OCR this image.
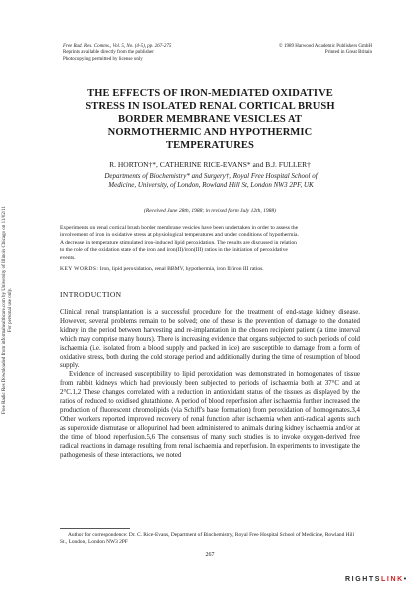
Free Rad. Res. Comms., Vol. 5, No. (4-5), pp. 267-275
Reprints available directly from the publisher
Photocopying permitted by license only
© 1989 Harwood Academic Publishers GmbH
Printed in Great Britain
THE EFFECTS OF IRON-MEDIATED OXIDATIVE
STRESS IN ISOLATED RENAL CORTICAL BRUSH
BORDER MEMBRANE VESICLES AT
NORMOTHERMIC AND HYPOTHERMIC
TEMPERATURES
R. HORTON†*, CATHERINE RICE-EVANS* and B.J. FULLER†
Departments of Biochemistry* and Surgery†, Royal Free Hospital School of
Medicine, University, of London, Rowland Hill St, London NW3 2PF, UK
(Received June 28th, 1988; in revised form July 12th, 1988)
Experiments on renal cortical brush border membrane vesicles have been undertaken in order to assess the
involvement of iron in oxidative stress at physiological temperatures and under conditions of hypothermia.
A decrease in temperature stimulated iron-induced lipid peroxidation. The results are discussed in relation
to the role of the oxidation state of the iron and iron(II)/iron(III) ratios in the initiation of peroxidative
events.
KEY WORDS: Iron, lipid peroxidation, renal BBMV, hypothermia, iron II/iron III ratios.
INTRODUCTION

Clinical renal transplantation is a successful procedure for the treatment of end-stage kidney disease. However, several problems remain to be solved; one of these is the prevention of damage to the donated kidney in the period between harvesting and re-implantation in the chosen recipient patient (a time interval which may comprise many hours). There is increasing evidence that organs subjected to such periods of cold ischaemia (i.e. isolated from a blood supply and packed in ice) are susceptible to damage from a form of oxidative stress, both during the cold storage period and additionally during the time of resumption of blood supply.

Evidence of increased susceptibility to lipid peroxidation was demonstrated in homogenates of tissue from rabbit kidneys which had previously been subjected to periods of ischaemia both at 37°C and at 2°C.1,2 These changes correlated with a reduction in antioxidant status of the tissues as displayed by the ratios of reduced to oxidised glutathione. A period of blood reperfusion after ischaemia further increased the production of fluorescent chromolipids (via Schiff's base formation) from peroxidation of homogenates.3,4 Other workers reported improved recovery of renal function after ischaemia when anti-radical agents such as superoxide dismutase or allopurinol had been administered to animals during kidney ischaemia and/or at the time of blood reperfusion.5,6 The consensus of many such studies is to invoke oxygen-derived free radical reactions in damage resulting from renal ischaemia and reperfusion. In experiments to investigate the pathogenesis of these interactions, we noted

Author for correspondence: Dr. C. Rice-Evans, Department of Biochemistry, Royal Free Hospital School of Medicine, Rowland Hill St., London, London NW3 2PF
267
Free Radic Res Downloaded from informahealthcare.com by University of Illinois Chicago on 11/02/11 For personal use only.
RIGHTSLINK•
